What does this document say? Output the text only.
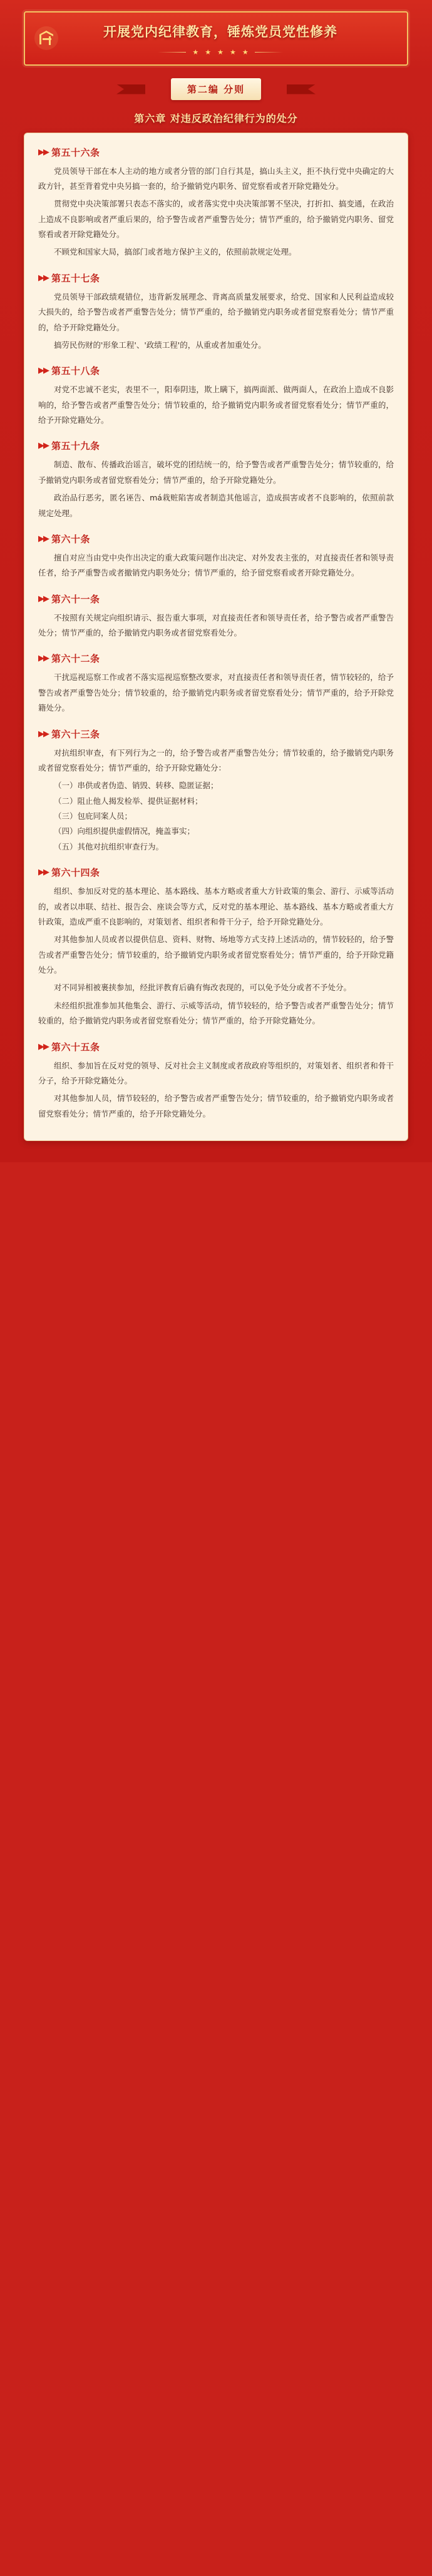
开展党内纪律教育，锤炼党员党性修养
★ ★ ★ ★ ★
第二编 分则
第六章 对违反政治纪律行为的处分
▶▶ 第五十六条

党员领导干部在本人主动的地方或者分管的部门自行其是，搞山头主义，拒不执行党中央确定的大政方针，甚至背着党中央另搞一套的，给予撤销党内职务、留党察看或者开除党籍处分。

贯彻党中央决策部署只表态不落实的，或者落实党中央决策部署不坚决，打折扣、搞变通，在政治上造成不良影响或者严重后果的，给予警告或者严重警告处分；情节严重的，给予撤销党内职务、留党察看或者开除党籍处分。

不顾党和国家大局，搞部门或者地方保护主义的，依照前款规定处理。

▶▶ 第五十七条

党员领导干部政绩观错位，违背新发展理念、背离高质量发展要求，给党、国家和人民利益造成较大损失的，给予警告或者严重警告处分；情节严重的，给予撤销党内职务或者留党察看处分；情节严重的，给予开除党籍处分。

搞劳民伤财的'形象工程'、'政绩工程'的，从重或者加重处分。

▶▶ 第五十八条

对党不忠诚不老实，表里不一，阳奉阴违，欺上瞒下，搞两面派、做两面人，在政治上造成不良影响的，给予警告或者严重警告处分；情节较重的，给予撤销党内职务或者留党察看处分；情节严重的，给予开除党籍处分。

▶▶ 第五十九条

制造、散布、传播政治谣言，破坏党的团结统一的，给予警告或者严重警告处分；情节较重的，给予撤销党内职务或者留党察看处分；情节严重的，给予开除党籍处分。

政治品行恶劣，匿名诬告、má栽赃陷害或者制造其他谣言，造成损害或者不良影响的，依照前款规定处理。

▶▶ 第六十条

擅自对应当由党中央作出决定的重大政策问题作出决定、对外发表主张的，对直接责任者和领导责任者，给予严重警告或者撤销党内职务处分；情节严重的，给予留党察看或者开除党籍处分。

▶▶ 第六十一条

不按照有关规定向组织请示、报告重大事项，对直接责任者和领导责任者，给予警告或者严重警告处分；情节严重的，给予撤销党内职务或者留党察看处分。

▶▶ 第六十二条

干扰巡视巡察工作或者不落实巡视巡察整改要求，对直接责任者和领导责任者，情节较轻的，给予警告或者严重警告处分；情节较重的，给予撤销党内职务或者留党察看处分；情节严重的，给予开除党籍处分。

▶▶ 第六十三条

对抗组织审查，有下列行为之一的，给予警告或者严重警告处分；情节较重的，给予撤销党内职务或者留党察看处分；情节严重的，给予开除党籍处分：

（一）串供或者伪造、销毁、转移、隐匿证据；

（二）阻止他人揭发检举、提供证据材料；

（三）包庇同案人员；

（四）向组织提供虚假情况，掩盖事实；

（五）其他对抗组织审查行为。

▶▶ 第六十四条

组织、参加反对党的基本理论、基本路线、基本方略或者重大方针政策的集会、游行、示威等活动的，或者以串联、结社、报告会、座谈会等方式，反对党的基本理论、基本路线、基本方略或者重大方针政策，造成严重不良影响的，对策划者、组织者和骨干分子，给予开除党籍处分。

对其他参加人员或者以提供信息、资料、财物、场地等方式支持上述活动的，情节较轻的，给予警告或者严重警告处分；情节较重的，给予撤销党内职务或者留党察看处分；情节严重的，给予开除党籍处分。

对不同异相被裹挟参加，经批评教育后确有悔改表现的，可以免予处分或者不予处分。

未经组织批准参加其他集会、游行、示威等活动，情节较轻的，给予警告或者严重警告处分；情节较重的，给予撤销党内职务或者留党察看处分；情节严重的，给予开除党籍处分。

▶▶ 第六十五条

组织、参加旨在反对党的领导、反对社会主义制度或者敌政府等组织的，对策划者、组织者和骨干分子，给予开除党籍处分。

对其他参加人员，情节较轻的，给予警告或者严重警告处分；情节较重的，给予撤销党内职务或者留党察看处分；情节严重的，给予开除党籍处分。
